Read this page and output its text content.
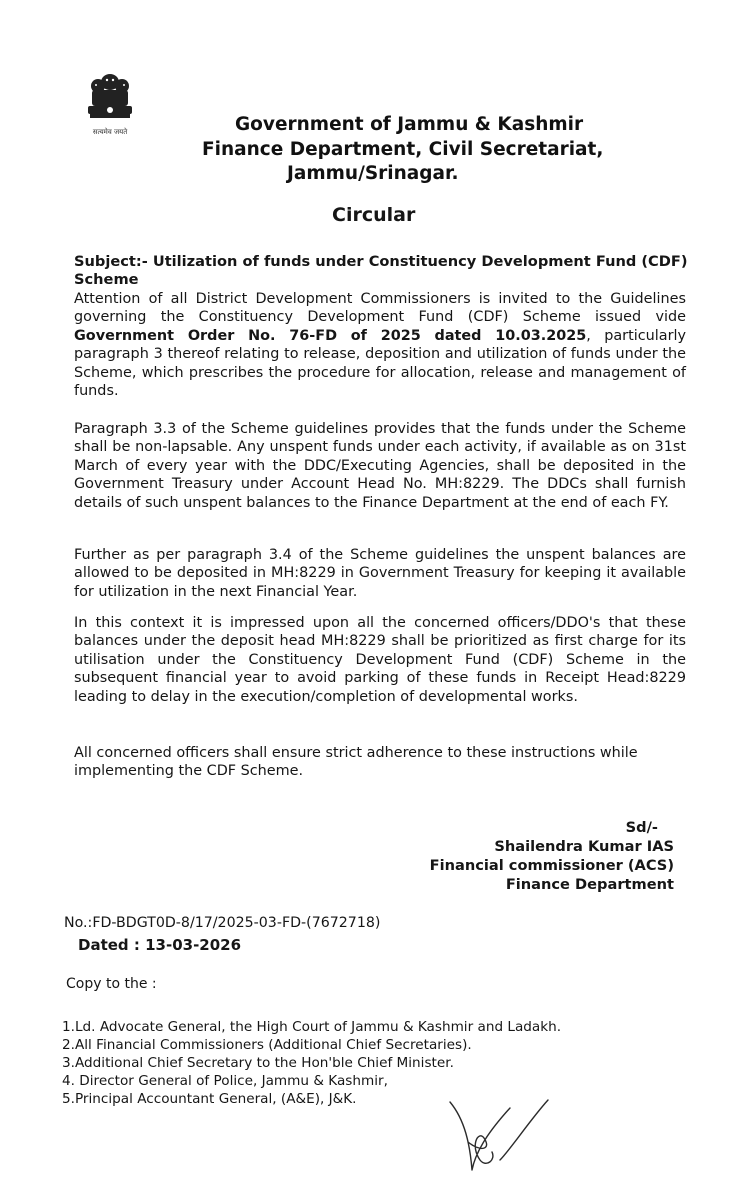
सत्यमेव जयते	Government of Jammu & Kashmir
Finance Department, Civil Secretariat,
Jammu/Srinagar.
Circular
Subject:- Utilization of funds under Constituency Development Fund (CDF) Scheme
Attention of all District Development Commissioners is invited to the Guidelines governing the Constituency Development Fund (CDF) Scheme issued vide Government Order No. 76-FD of 2025 dated 10.03.2025, particularly paragraph 3 thereof relating to release, deposition and utilization of funds under the Scheme, which prescribes the procedure for allocation, release and management of funds.
Paragraph 3.3 of the Scheme guidelines provides that the funds under the Scheme shall be non-lapsable. Any unspent funds under each activity, if available as on 31st March of every year with the DDC/Executing Agencies, shall be deposited in the Government Treasury under Account Head No. MH:8229. The DDCs shall furnish details of such unspent balances to the Finance Department at the end of each FY.
Further as per paragraph 3.4 of the Scheme guidelines the unspent balances are allowed to be deposited in MH:8229 in Government Treasury for keeping it available for utilization in the next Financial Year.
In this context it is impressed upon all the concerned officers/DDO's that these balances under the deposit head MH:8229 shall be prioritized as first charge for its utilisation under the Constituency Development Fund (CDF) Scheme in the subsequent financial year to avoid parking of these funds in Receipt Head:8229 leading to delay in the execution/completion of developmental works.
All concerned officers shall ensure strict adherence to these instructions while implementing the CDF Scheme.
Sd/-
Shailendra Kumar IAS
Financial commissioner (ACS)
Finance Department
No.:FD-BDGT0D-8/17/2025-03-FD-(7672718)
Dated : 13-03-2026
Copy to the :
1.Ld. Advocate General, the High Court of Jammu & Kashmir and Ladakh.
2.All Financial Commissioners (Additional Chief Secretaries).
3.Additional Chief Secretary to the Hon'ble Chief Minister.
4. Director General of Police, Jammu & Kashmir,
5.Principal Accountant General, (A&E), J&K.
